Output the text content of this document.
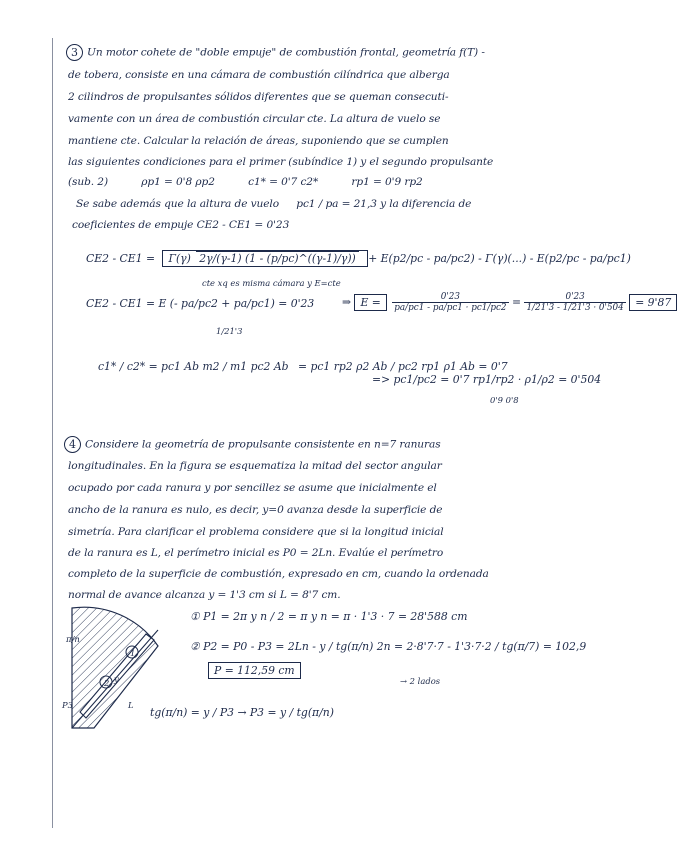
3 Un motor cohete de "doble empuje" de combustión frontal, geometría f(T) -
de tobera, consiste en una cámara de combustión cilíndrica que alberga
2 cilindros de propulsantes sólidos diferentes que se queman consecuti-
vamente con un área de combustión circular cte. La altura de vuelo se
mantiene cte. Calcular la relación de áreas, suponiendo que se cumplen
las siguientes condiciones para el primer (subíndice 1) y el segundo propulsante
(sub. 2)	ρp1 = 0'8 ρp2	c1* = 0'7 c2*	rp1 = 0'9 rp2
Se sabe además que la altura de vuelo pc1 / pa = 21,3 y la diferencia de
coeficientes de empuje CE2 - CE1 = 0'23
CE2 - CE1 = Γ(γ) 2γ/(γ-1) (1 - (p/pc)^((γ-1)/γ)) + E(p2/pc - pa/pc2) - Γ(γ)(...) - E(p2/pc - pa/pc1)
cte xq es misma cámara y E=cte
CE2 - CE1 = E (- pa/pc2 + pa/pc1) = 0'23
1/21'3
⇒ $E = \frac{0'23}{pa/pc1 - pa/pc1 \cdot pc1/pc2} = \frac{0'23}{1/21'3 - 1/21'3 \cdot 0'504} = 9'87$
c1* / c2* = pc1 Ab m2 / m1 pc2 Ab = pc1 rp2 ρ2 Ab / pc2 rp1 ρ1 Ab = 0'7
=> pc1/pc2 = 0'7 rp1/rp2 · ρ1/ρ2 = 0'504
0'9 0'8
4 Considere la geometría de propulsante consistente en n=7 ranuras
longitudinales. En la figura se esquematiza la mitad del sector angular
ocupado por cada ranura y por sencillez se asume que inicialmente el
ancho de la ranura es nulo, es decir, y=0 avanza desde la superficie de
simetría. Para clarificar el problema considere que si la longitud inicial
de la ranura es L, el perímetro inicial es P0 = 2Ln. Evalúe el perímetro
completo de la superficie de combustión, expresado en cm, cuando la ordenada
normal de avance alcanza y = 1'3 cm si L = 8'7 cm.
① P1 = 2π y n / 2 = π y n = π · 1'3 · 7 = 28'588 cm
② P2 = P0 - P3 = 2Ln - y / tg(π/n) 2n = 2·8'7·7 - 1'3·7·2 / tg(π/7) = 102,9
→ 2 lados
P = 112,59 cm
tg(π/n) = y / P3 → P3 = y / tg(π/n)
π/n
L
y
P3
1
2
